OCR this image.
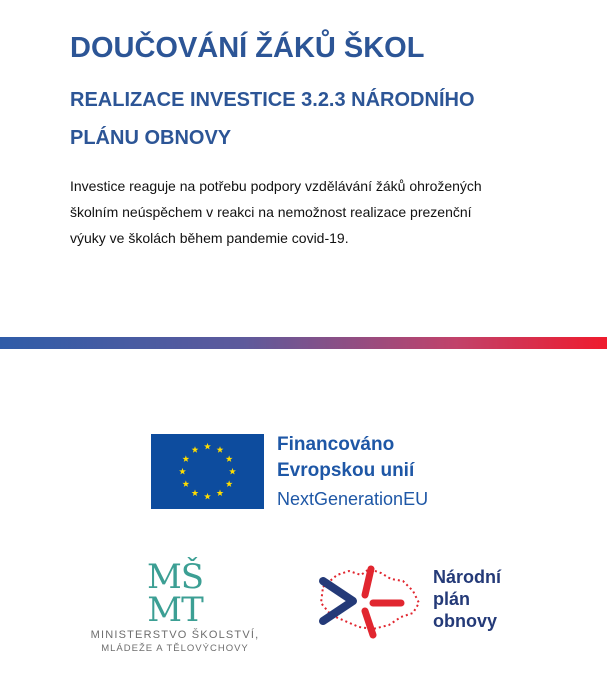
DOUČOVÁNÍ ŽÁKŮ ŠKOL
REALIZACE INVESTICE 3.2.3 NÁRODNÍHO
PLÁNU OBNOVY

Investice reaguje na potřebu podpory vzdělávání žáků ohrožených
školním neúspěchem v reakci na nemožnost realizace prezenční
výuky ve školách během pandemie covid-19.

Financováno
Evropskou unií
NextGenerationEU
MŠ
MT
MINISTERSTVO ŠKOLSTVÍ,
MLÁDEŽE A TĚLOVÝCHOVY
Národní
plán
obnovy
